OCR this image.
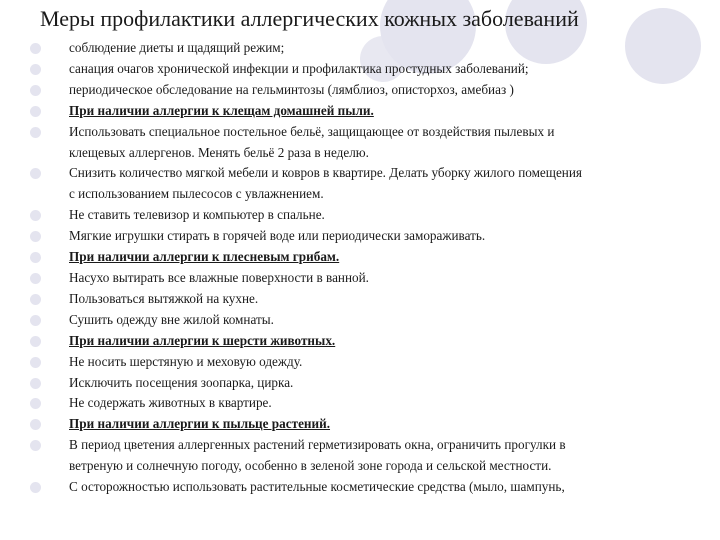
Меры профилактики аллергических кожных заболеваний
соблюдение диеты и щадящий режим;
санация очагов хронической инфекции и профилактика простудных заболеваний;
периодическое обследование на гельминтозы (лямблиоз, описторхоз, амебиаз )
При наличии аллергии к клещам домашней пыли.
Использовать специальное постельное бельё, защищающее от воздействия пылевых и
клещевых аллергенов. Менять бельё 2 раза в неделю.
Снизить количество мягкой мебели и ковров в квартире. Делать уборку жилого помещения
с использованием пылесосов с увлажнением.
Не ставить телевизор и компьютер в спальне.
Мягкие игрушки стирать в горячей воде или периодически замораживать.
При наличии аллергии к плесневым грибам.
Насухо вытирать все влажные поверхности в ванной.
Пользоваться вытяжкой на кухне.
Сушить одежду вне жилой комнаты.
При наличии аллергии к шерсти животных.
Не носить шерстяную и меховую одежду.
Исключить посещения зоопарка, цирка.
Не содержать животных в квартире.
При наличии аллергии к пыльце растений.
В период цветения аллергенных растений герметизировать окна, ограничить прогулки в
ветреную и солнечную погоду, особенно в зеленой зоне города и сельской местности.
С осторожностью использовать растительные косметические средства (мыло, шампунь,
